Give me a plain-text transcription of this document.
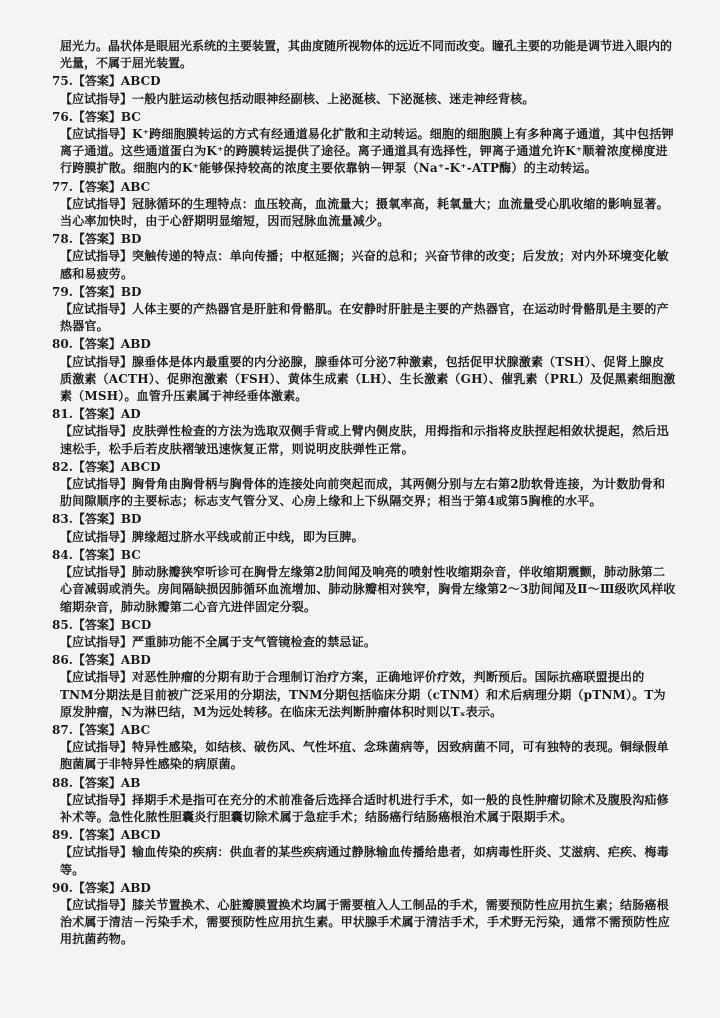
屈光力。晶状体是眼屈光系统的主要装置，其曲度随所视物体的远近不同而改变。瞳孔主要的功能是调节进入眼内的光量，不属于屈光装置。

75.【答案】ABCD

【应试指导】一般内脏运动核包括动眼神经副核、上泌涎核、下泌涎核、迷走神经背核。

76.【答案】BC

【应试指导】K⁺跨细胞膜转运的方式有经通道易化扩散和主动转运。细胞的细胞膜上有多种离子通道，其中包括钾离子通道。这些通道蛋白为K⁺的跨膜转运提供了途径。离子通道具有选择性，钾离子通道允许K⁺顺着浓度梯度进行跨膜扩散。细胞内的K⁺能够保持较高的浓度主要依靠钠－钾泵（Na⁺-K⁺-ATP酶）的主动转运。

77.【答案】ABC

【应试指导】冠脉循环的生理特点：血压较高，血流量大；摄氧率高，耗氧量大；血流量受心肌收缩的影响显著。当心率加快时，由于心舒期明显缩短，因而冠脉血流量减少。

78.【答案】BD

【应试指导】突触传递的特点：单向传播；中枢延搁；兴奋的总和；兴奋节律的改变；后发放；对内外环境变化敏感和易疲劳。

79.【答案】BD

【应试指导】人体主要的产热器官是肝脏和骨骼肌。在安静时肝脏是主要的产热器官，在运动时骨骼肌是主要的产热器官。

80.【答案】ABD

【应试指导】腺垂体是体内最重要的内分泌腺，腺垂体可分泌7种激素，包括促甲状腺激素（TSH）、促肾上腺皮质激素（ACTH）、促卵泡激素（FSH）、黄体生成素（LH）、生长激素（GH）、催乳素（PRL）及促黑素细胞激素（MSH）。血管升压素属于神经垂体激素。

81.【答案】AD

【应试指导】皮肤弹性检查的方法为选取双侧手背或上臂内侧皮肤，用拇指和示指将皮肤捏起相敛状提起，然后迅速松手，松手后若皮肤褶皱迅速恢复正常，则说明皮肤弹性正常。

82.【答案】ABCD

【应试指导】胸骨角由胸骨柄与胸骨体的连接处向前突起而成，其两侧分别与左右第2肋软骨连接，为计数肋骨和肋间隙顺序的主要标志；标志支气管分叉、心房上缘和上下纵隔交界；相当于第4或第5胸椎的水平。

83.【答案】BD

【应试指导】脾缘超过脐水平线或前正中线，即为巨脾。

84.【答案】BC

【应试指导】肺动脉瓣狭窄听诊可在胸骨左缘第2肋间闻及响亮的喷射性收缩期杂音，伴收缩期震颤，肺动脉第二心音减弱或消失。房间隔缺损因肺循环血流增加、肺动脉瓣相对狭窄，胸骨左缘第2～3肋间闻及Ⅱ～Ⅲ级吹风样收缩期杂音，肺动脉瓣第二心音亢进伴固定分裂。

85.【答案】BCD

【应试指导】严重肺功能不全属于支气管镜检查的禁忌证。

86.【答案】ABD

【应试指导】对恶性肿瘤的分期有助于合理制订治疗方案，正确地评价疗效，判断预后。国际抗癌联盟提出的TNM分期法是目前被广泛采用的分期法，TNM分期包括临床分期（cTNM）和术后病理分期（pTNM）。T为原发肿瘤，N为淋巴结，M为远处转移。在临床无法判断肿瘤体积时则以Tₓ表示。

87.【答案】ABC

【应试指导】特异性感染，如结核、破伤风、气性坏疽、念珠菌病等，因致病菌不同，可有独特的表现。铜绿假单胞菌属于非特异性感染的病原菌。

88.【答案】AB

【应试指导】择期手术是指可在充分的术前准备后选择合适时机进行手术，如一般的良性肿瘤切除术及腹股沟疝修补术等。急性化脓性胆囊炎行胆囊切除术属于急症手术；结肠癌行结肠癌根治术属于限期手术。

89.【答案】ABCD

【应试指导】输血传染的疾病：供血者的某些疾病通过静脉输血传播给患者，如病毒性肝炎、艾滋病、疟疾、梅毒等。

90.【答案】ABD

【应试指导】膝关节置换术、心脏瓣膜置换术均属于需要植入人工制品的手术，需要预防性应用抗生素；结肠癌根治术属于清洁－污染手术，需要预防性应用抗生素。甲状腺手术属于清洁手术，手术野无污染，通常不需预防性应用抗菌药物。
